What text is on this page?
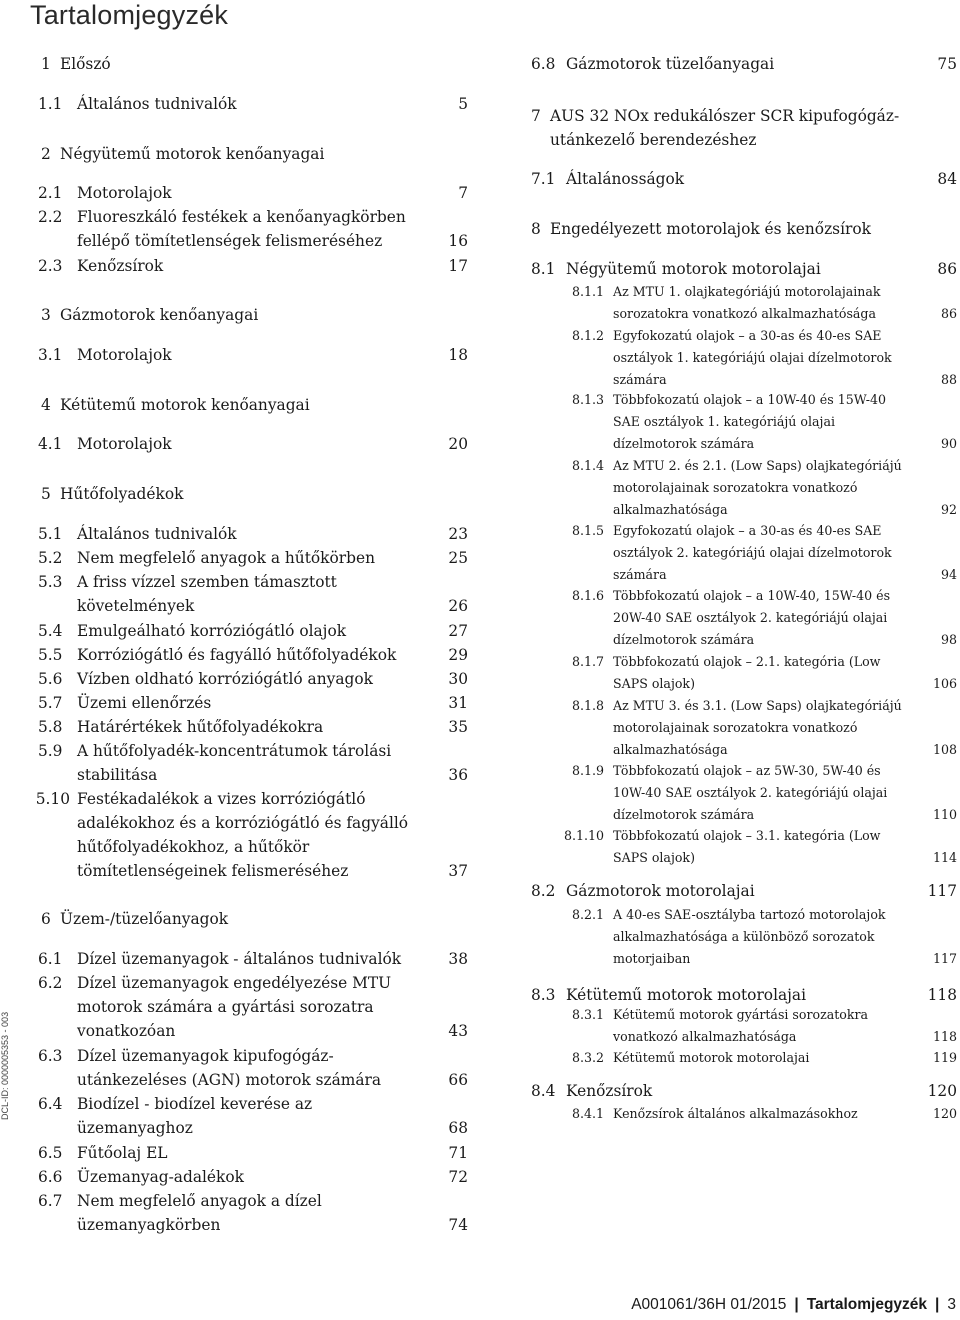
Tartalomjegyzék
DCL-ID: 0000005353 - 003
1 Előszó
1.1 Általános tudnivalók	5
2 Négyütemű motorok kenőanyagai
2.1 Motorolajok	7
2.2 Fluoreszkáló festékek a kenőanyagkörben
fellépő tömítetlenségek felismeréséhez	16
2.3 Kenőzsírok	17
3 Gázmotorok kenőanyagai
3.1 Motorolajok	18
4 Kétütemű motorok kenőanyagai
4.1 Motorolajok	20
5 Hűtőfolyadékok
5.1 Általános tudnivalók	23
5.2 Nem megfelelő anyagok a hűtőkörben	25
5.3 A friss vízzel szemben támasztott
követelmények	26
5.4 Emulgeálható korróziógátló olajok	27
5.5 Korróziógátló és fagyálló hűtőfolyadékok	29
5.6 Vízben oldható korróziógátló anyagok	30
5.7 Üzemi ellenőrzés	31
5.8 Határértékek hűtőfolyadékokra	35
5.9 A hűtőfolyadék-koncentrátumok tárolási
stabilitása	36
5.10 Festékadalékok a vizes korróziógátló
adalékokhoz és a korróziógátló és fagyálló
hűtőfolyadékokhoz, a hűtőkör
tömítetlenségeinek felismeréséhez	37
6 Üzem-/tüzelőanyagok
6.1 Dízel üzemanyagok - általános tudnivalók	38
6.2 Dízel üzemanyagok engedélyezése MTU
motorok számára a gyártási sorozatra
vonatkozóan	43
6.3 Dízel üzemanyagok kipufogógáz-
utánkezeléses (AGN) motorok számára	66
6.4 Biodízel - biodízel keverése az
üzemanyaghoz	68
6.5 Fűtőolaj EL	71
6.6 Üzemanyag-adalékok	72
6.7 Nem megfelelő anyagok a dízel
üzemanyagkörben	74
6.8 Gázmotorok tüzelőanyagai	75
7 AUS 32 NOx redukálószer SCR kipufogógáz-
utánkezelő berendezéshez
7.1 Általánosságok	84
8 Engedélyezett motorolajok és kenőzsírok
8.1 Négyütemű motorok motorolajai	86
8.1.1 Az MTU 1. olajkategóriájú motorolajainak
sorozatokra vonatkozó alkalmazhatósága	86
8.1.2 Egyfokozatú olajok – a 30-as és 40-es SAE
osztályok 1. kategóriájú olajai dízelmotorok
számára	88
8.1.3 Többfokozatú olajok – a 10W-40 és 15W-40
SAE osztályok 1. kategóriájú olajai
dízelmotorok számára	90
8.1.4 Az MTU 2. és 2.1. (Low Saps) olajkategóriájú
motorolajainak sorozatokra vonatkozó
alkalmazhatósága	92
8.1.5 Egyfokozatú olajok – a 30-as és 40-es SAE
osztályok 2. kategóriájú olajai dízelmotorok
számára	94
8.1.6 Többfokozatú olajok – a 10W-40, 15W-40 és
20W-40 SAE osztályok 2. kategóriájú olajai
dízelmotorok számára	98
8.1.7 Többfokozatú olajok – 2.1. kategória (Low
SAPS olajok)	106
8.1.8 Az MTU 3. és 3.1. (Low Saps) olajkategóriájú
motorolajainak sorozatokra vonatkozó
alkalmazhatósága	108
8.1.9 Többfokozatú olajok – az 5W-30, 5W-40 és
10W-40 SAE osztályok 2. kategóriájú olajai
dízelmotorok számára	110
8.1.10 Többfokozatú olajok – 3.1. kategória (Low
SAPS olajok)	114
8.2 Gázmotorok motorolajai	117
8.2.1 A 40-es SAE-osztályba tartozó motorolajok
alkalmazhatósága a különböző sorozatok
motorjaiban	117
8.3 Kétütemű motorok motorolajai	118
8.3.1 Kétütemű motorok gyártási sorozatokra
vonatkozó alkalmazhatósága	118
8.3.2 Kétütemű motorok motorolajai	119
8.4 Kenőzsírok	120
8.4.1 Kenőzsírok általános alkalmazásokhoz	120
A001061/36H 01/2015 | Tartalomjegyzék | 3
